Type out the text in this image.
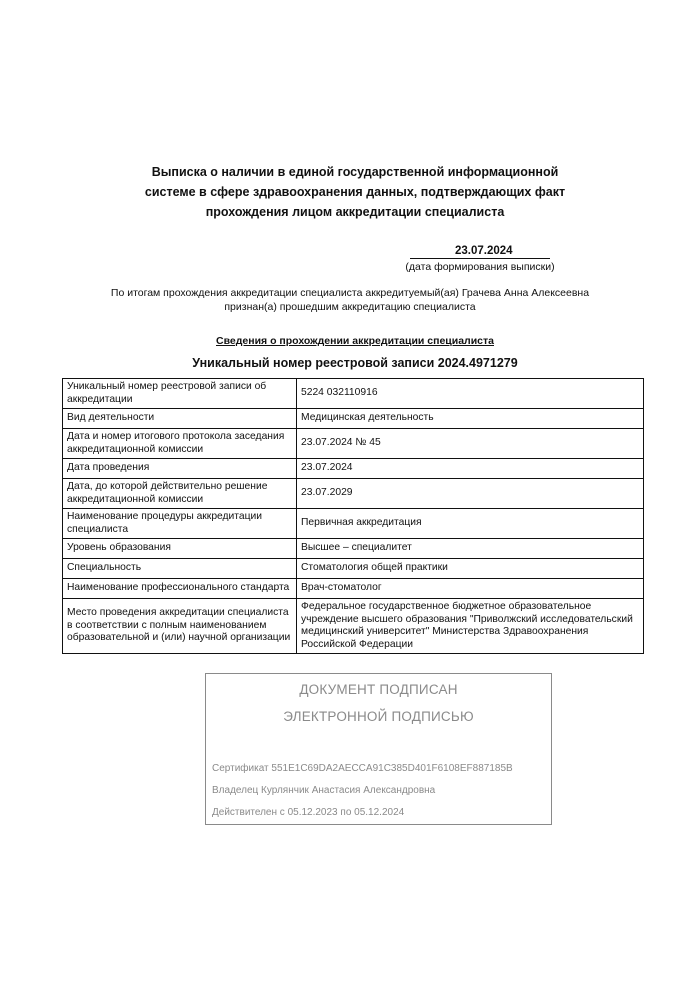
Выписка о наличии в единой государственной информационной
системе в сфере здравоохранения данных, подтверждающих факт
прохождения лицом аккредитации специалиста
23.07.2024
(дата формирования выписки)
По итогам прохождения аккредитации специалиста аккредитуемый(ая) Грачева Анна Алексеевна
признан(а) прошедшим аккредитацию специалиста
Сведения о прохождении аккредитации специалиста
Уникальный номер реестровой записи 2024.4971279
Уникальный номер реестровой записи об аккредитации	5224 032110916
Вид деятельности	Медицинская деятельность
Дата и номер итогового протокола заседания аккредитационной комиссии	23.07.2024 № 45
Дата проведения	23.07.2024
Дата, до которой действительно решение аккредитационной комиссии	23.07.2029
Наименование процедуры аккредитации специалиста	Первичная аккредитация
Уровень образования	Высшее – специалитет
Специальность	Стоматология общей практики
Наименование профессионального стандарта	Врач-стоматолог
Место проведения аккредитации специалиста в соответствии с полным наименованием образовательной и (или) научной организации	Федеральное государственное бюджетное образовательное учреждение высшего образования "Приволжский исследовательский медицинский университет" Министерства Здравоохранения Российской Федерации
ДОКУМЕНТ ПОДПИСАН
ЭЛЕКТРОННОЙ ПОДПИСЬЮ
Сертификат 551E1C69DA2AECCA91C385D401F6108EF887185B
Владелец Курлянчик Анастасия Александровна
Действителен с 05.12.2023 по 05.12.2024
